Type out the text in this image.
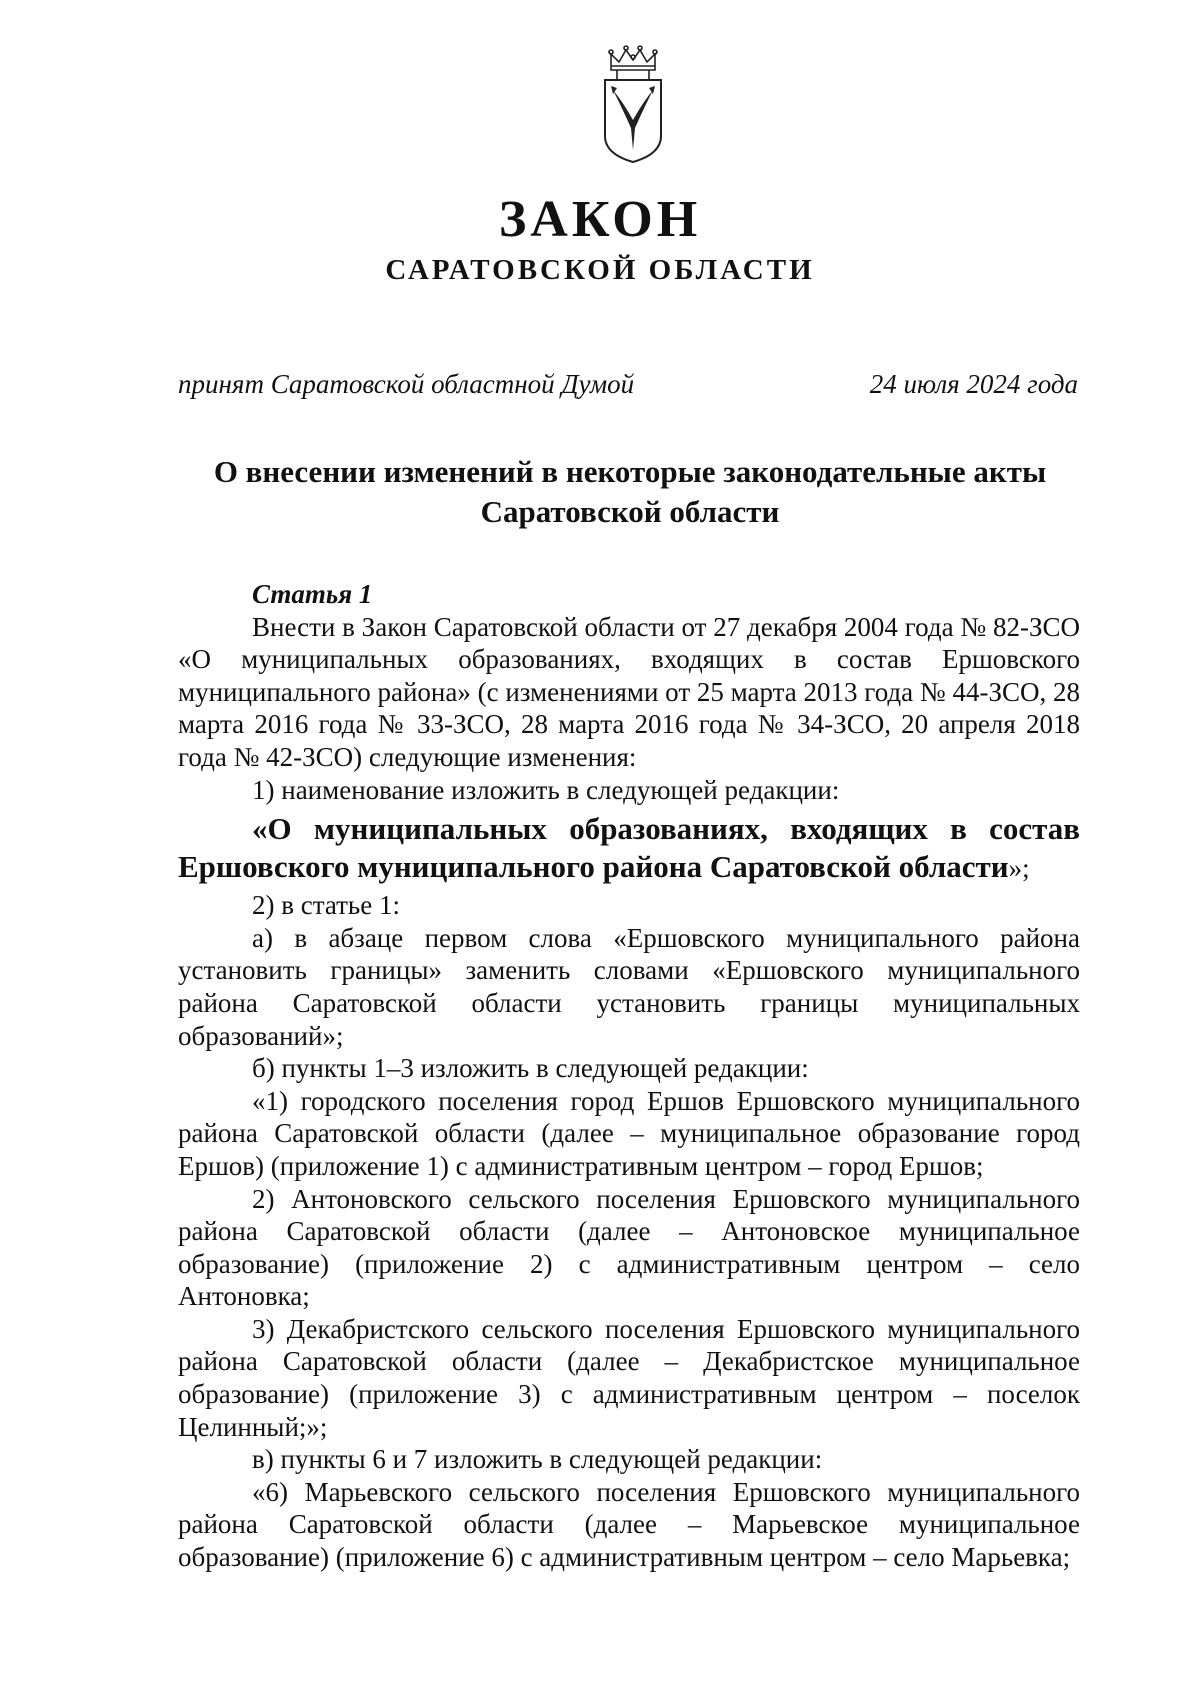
ЗАКОН
САРАТОВСКОЙ ОБЛАСТИ
принят Саратовской областной Думой	24 июля 2024 года
О внесении изменений в некоторые законодательные акты Саратовской области

Статья 1

Внести в Закон Саратовской области от 27 декабря 2004 года № 82-ЗСО «О муниципальных образованиях, входящих в состав Ершовского муниципального района» (с изменениями от 25 марта 2013 года № 44-ЗСО, 28 марта 2016 года № 33-ЗСО, 28 марта 2016 года № 34-ЗСО, 20 апреля 2018 года № 42-ЗСО) следующие изменения:

1) наименование изложить в следующей редакции:

«О муниципальных образованиях, входящих в состав Ершовского муниципального района Саратовской области»;

2) в статье 1:

а) в абзаце первом слова «Ершовского муниципального района установить границы» заменить словами «Ершовского муниципального района Саратовской области установить границы муниципальных образований»;

б) пункты 1–3 изложить в следующей редакции:

«1) городского поселения город Ершов Ершовского муниципального района Саратовской области (далее – муниципальное образование город Ершов) (приложение 1) с административным центром – город Ершов;

2) Антоновского сельского поселения Ершовского муниципального района Саратовской области (далее – Антоновское муниципальное образование) (приложение 2) с административным центром – село Антоновка;

3) Декабристского сельского поселения Ершовского муниципального района Саратовской области (далее – Декабристское муниципальное образование) (приложение 3) с административным центром – поселок Целинный;»;

в) пункты 6 и 7 изложить в следующей редакции:

«6) Марьевского сельского поселения Ершовского муниципального района Саратовской области (далее – Марьевское муниципальное образование) (приложение 6) с административным центром – село Марьевка;
